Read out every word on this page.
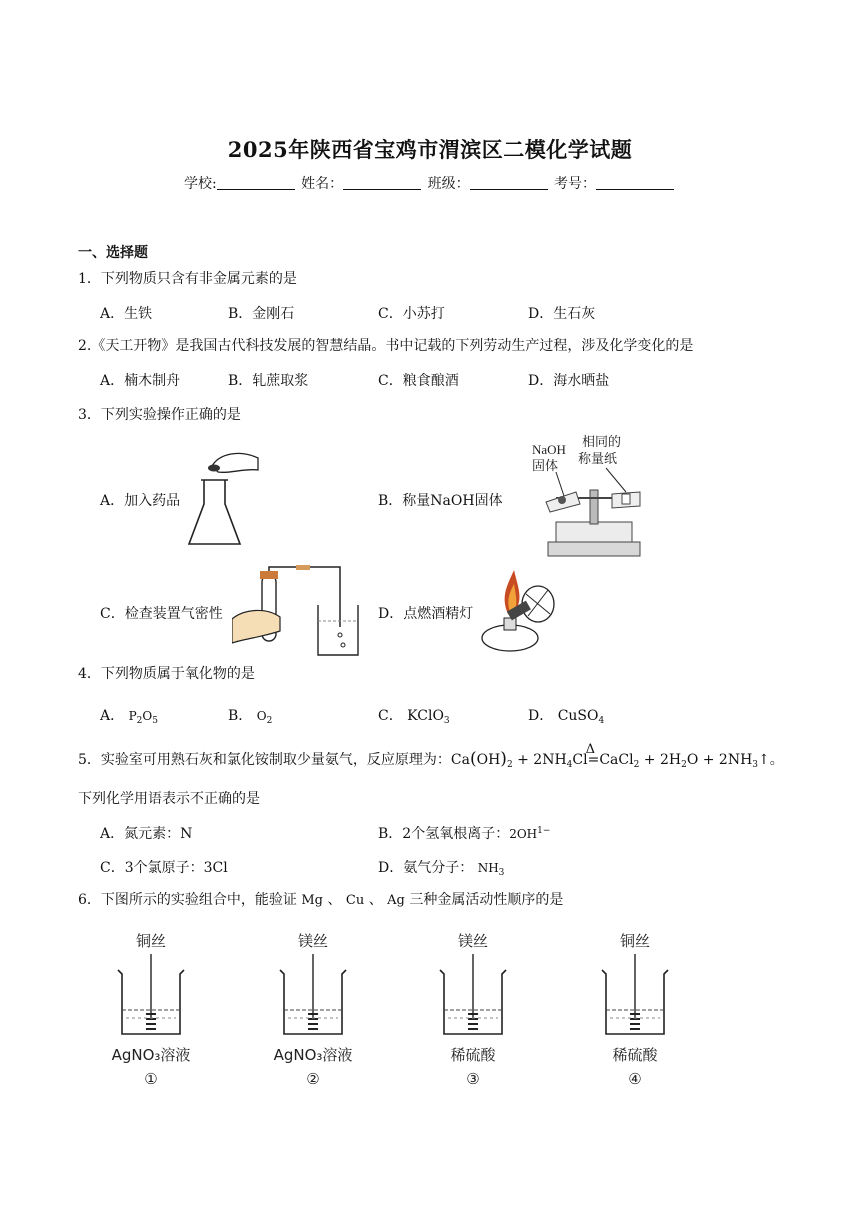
2025年陕西省宝鸡市渭滨区二模化学试题
学校:	姓名：	班级：	考号：
一、选择题
1．下列物质只含有非金属元素的是
A．生铁	B．金刚石	C．小苏打	D．生石灰
2.《天工开物》是我国古代科技发展的智慧结晶。书中记载的下列劳动生产过程，涉及化学变化的是
A．楠木制舟	B．轧蔗取浆	C．粮食酿酒	D．海水晒盐
3．下列实验操作正确的是
A．加入药品	B．称量NaOH固体
C．检查装置气密性	D．点燃酒精灯
NaOH
固体
相同的
称量纸
4．下列物质属于氧化物的是
A． $P_2O_5$	B． $O_2$	C． KClO$_3$	D． CuSO$_4$
5．实验室可用熟石灰和氯化铵制取少量氨气，反应原理为：$Ca(OH)_2 + 2NH_4Cl$
Δ
=CaCl$_2$ + $2H_2O$ + $2NH_3↑$。
下列化学用语表示不正确的是
A．氮元素：N	B．2个氢氧根离子：$2OH^{1-}$
C．3个氯原子：3Cl	D．氨气分子： $NH_3$
6．下图所示的实验组合中，能验证 Mg 、 Cu 、 Ag 三种金属活动性顺序的是
铜丝
AgNO₃溶液
①
镁丝
AgNO₃溶液
②
镁丝
稀硫酸
③
铜丝
稀硫酸
④
